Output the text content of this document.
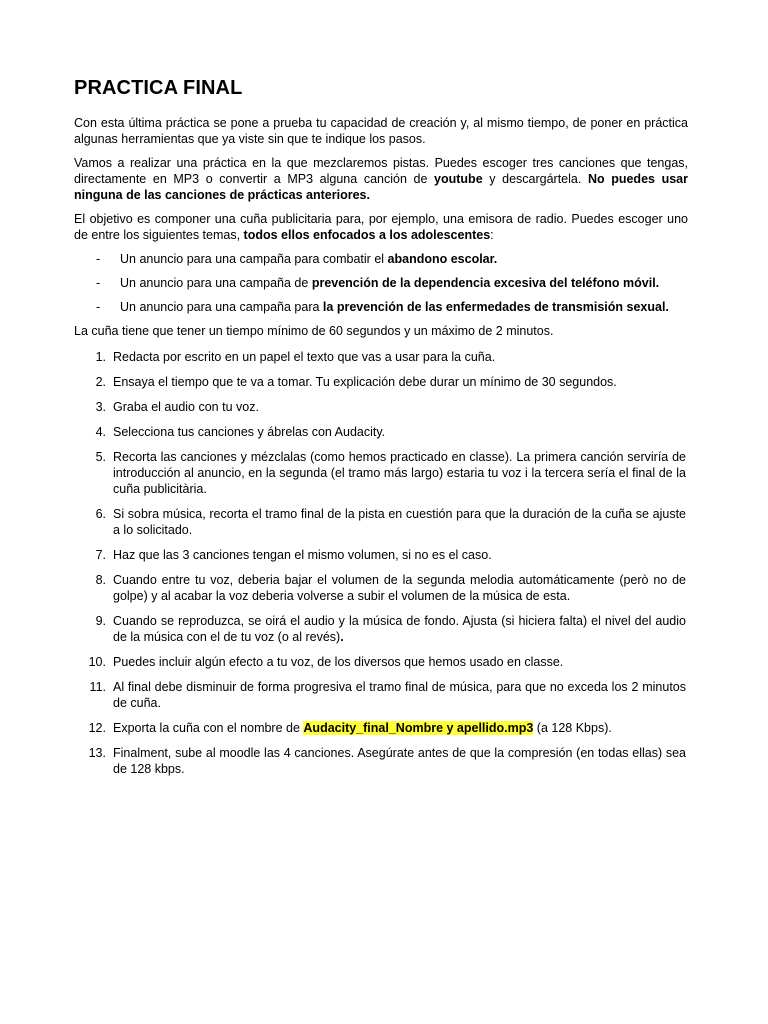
PRACTICA FINAL

Con esta última práctica se pone a prueba tu capacidad de creación y, al mismo tiempo, de poner en práctica algunas herramientas que ya viste sin que te indique los pasos.

Vamos a realizar una práctica en la que mezclaremos pistas. Puedes escoger tres canciones que tengas, directamente en MP3 o convertir a MP3 alguna canción de youtube y descargártela. No puedes usar ninguna de las canciones de prácticas anteriores.

El objetivo es componer una cuña publicitaria para, por ejemplo, una emisora de radio. Puedes escoger uno de entre los siguientes temas, todos ellos enfocados a los adolescentes:

- Un anuncio para una campaña para combatir el abandono escolar.
- Un anuncio para una campaña de prevención de la dependencia excesiva del teléfono móvil.
- Un anuncio para una campaña para la prevención de las enfermedades de transmisión sexual.

La cuña tiene que tener un tiempo mínimo de 60 segundos y un máximo de 2 minutos.

1. Redacta por escrito en un papel el texto que vas a usar para la cuña.
2. Ensaya el tiempo que te va a tomar. Tu explicación debe durar un mínimo de 30 segundos.
3. Graba el audio con tu voz.
4. Selecciona tus canciones y ábrelas con Audacity.
5. Recorta las canciones y mézclalas (como hemos practicado en classe). La primera canción serviría de introducción al anuncio, en la segunda (el tramo más largo) estaria tu voz i la tercera sería el final de la cuña publicitària.
6. Si sobra música, recorta el tramo final de la pista en cuestión para que la duración de la cuña se ajuste a lo solicitado.
7. Haz que las 3 canciones tengan el mismo volumen, si no es el caso.
8. Cuando entre tu voz, deberia bajar el volumen de la segunda melodia automáticamente (però no de golpe) y al acabar la voz deberia volverse a subir el volumen de la música de esta.
9. Cuando se reproduzca, se oirá el audio y la música de fondo. Ajusta (si hiciera falta) el nivel del audio de la música con el de tu voz (o al revés).
10. Puedes incluir algún efecto a tu voz, de los diversos que hemos usado en classe.
11. Al final debe disminuir de forma progresiva el tramo final de música, para que no exceda los 2 minutos de cuña.
12. Exporta la cuña con el nombre de Audacity_final_Nombre y apellido.mp3 (a 128 Kbps).
13. Finalment, sube al moodle las 4 canciones. Asegúrate antes de que la compresión (en todas ellas) sea de 128 kbps.
